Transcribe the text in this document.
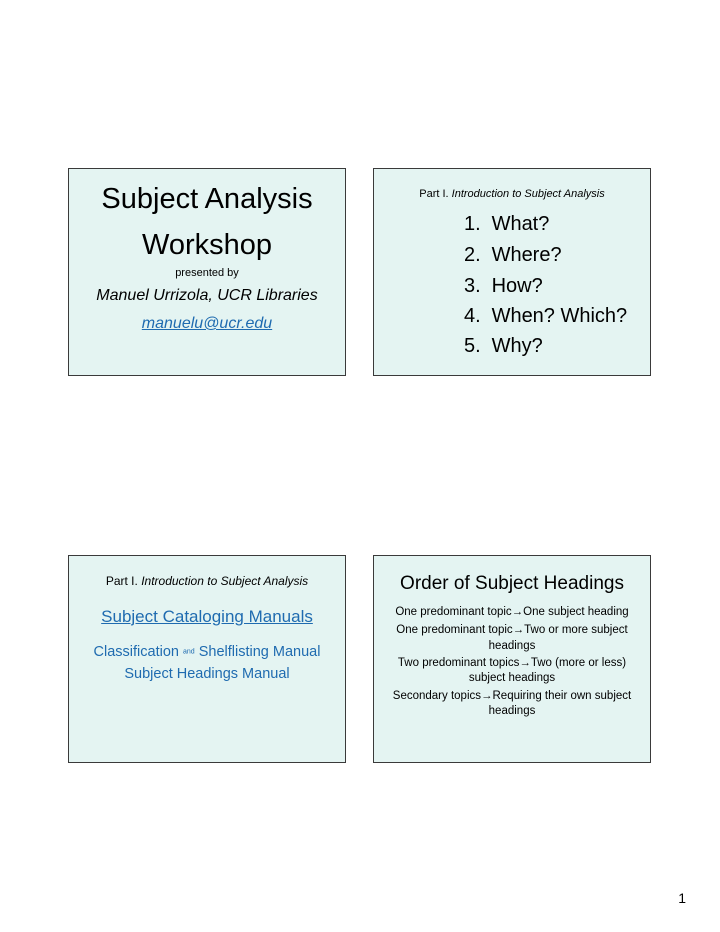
Subject Analysis
Workshop
presented by
Manuel Urrizola, UCR Libraries
manuelu@ucr.edu
Part I. Introduction to Subject Analysis
1. What?
2. Where?
3. How?
4. When? Which?
5. Why?
Part I. Introduction to Subject Analysis
Subject Cataloging Manuals
Classification and Shelflisting Manual
Subject Headings Manual
Order of Subject Headings
One predominant topic→One subject heading
One predominant topic→Two or more subject
headings
Two predominant topics→Two (more or less)
subject headings
Secondary topics→Requiring their own subject
headings
1
